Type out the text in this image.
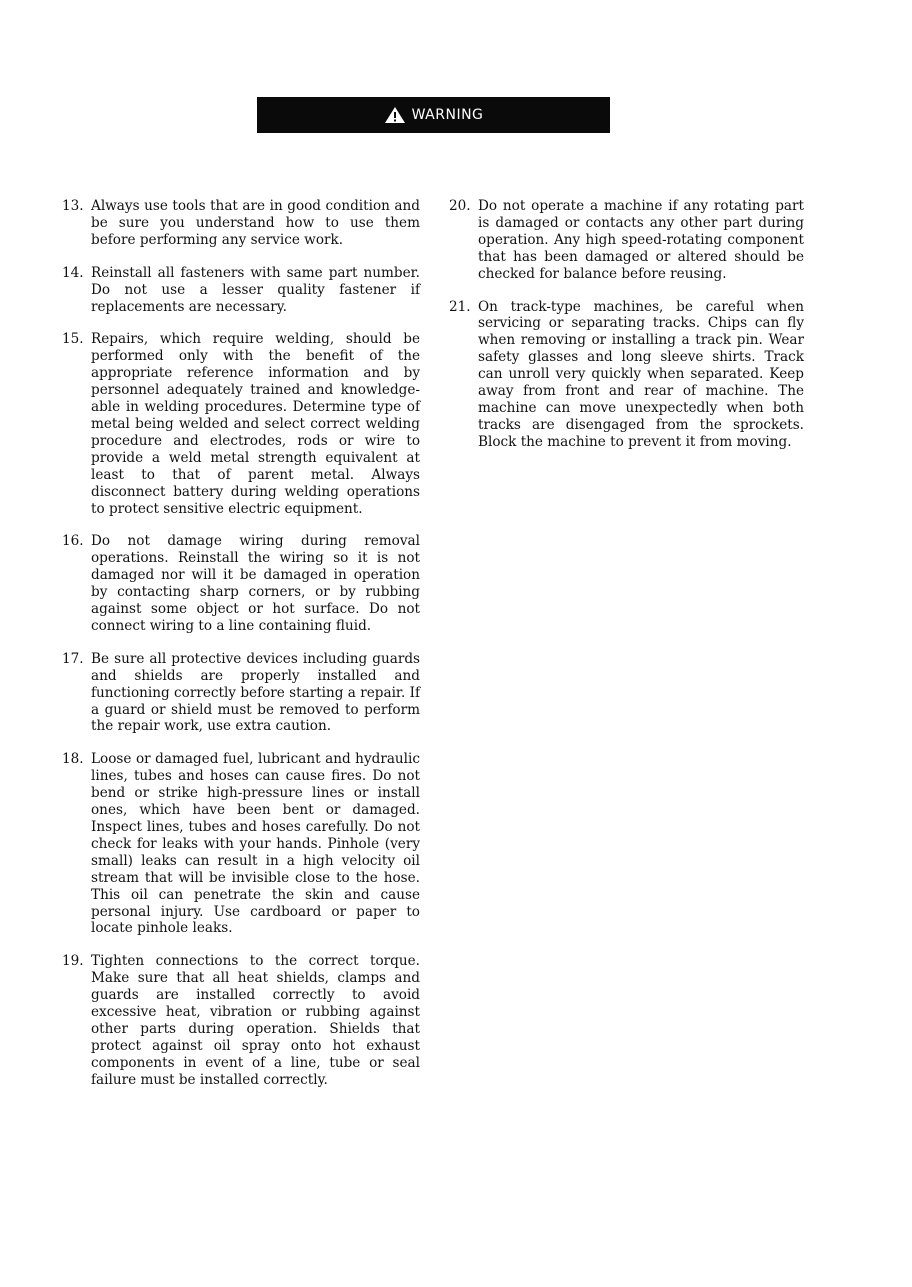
WARNING
13. Always use tools that are in good condition and be sure you understand how to use them before performing any service work.

14. Reinstall all fasteners with same part number. Do not use a lesser quality fastener if replacements are necessary.

15. Repairs, which require welding, should be performed only with the benefit of the appropriate reference information and by personnel adequately trained and knowledge-able in welding procedures. Determine type of metal being welded and select correct welding procedure and electrodes, rods or wire to provide a weld metal strength equivalent at least to that of parent metal. Always disconnect battery during welding operations to protect sensitive electric equipment.

16. Do not damage wiring during removal operations. Reinstall the wiring so it is not damaged nor will it be damaged in operation by contacting sharp corners, or by rubbing against some object or hot surface. Do not connect wiring to a line containing fluid.

17. Be sure all protective devices including guards and shields are properly installed and functioning correctly before starting a repair. If a guard or shield must be removed to perform the repair work, use extra caution.

18. Loose or damaged fuel, lubricant and hydraulic lines, tubes and hoses can cause fires. Do not bend or strike high-pressure lines or install ones, which have been bent or damaged. Inspect lines, tubes and hoses carefully. Do not check for leaks with your hands. Pinhole (very small) leaks can result in a high velocity oil stream that will be invisible close to the hose. This oil can penetrate the skin and cause personal injury. Use cardboard or paper to locate pinhole leaks.

19. Tighten connections to the correct torque. Make sure that all heat shields, clamps and guards are installed correctly to avoid excessive heat, vibration or rubbing against other parts during operation. Shields that protect against oil spray onto hot exhaust components in event of a line, tube or seal failure must be installed correctly.

20. Do not operate a machine if any rotating part is damaged or contacts any other part during operation. Any high speed-rotating component that has been damaged or altered should be checked for balance before reusing.

21. On track-type machines, be careful when servicing or separating tracks. Chips can fly when removing or installing a track pin. Wear safety glasses and long sleeve shirts. Track can unroll very quickly when separated. Keep away from front and rear of machine. The machine can move unexpectedly when both tracks are disengaged from the sprockets. Block the machine to prevent it from moving.
